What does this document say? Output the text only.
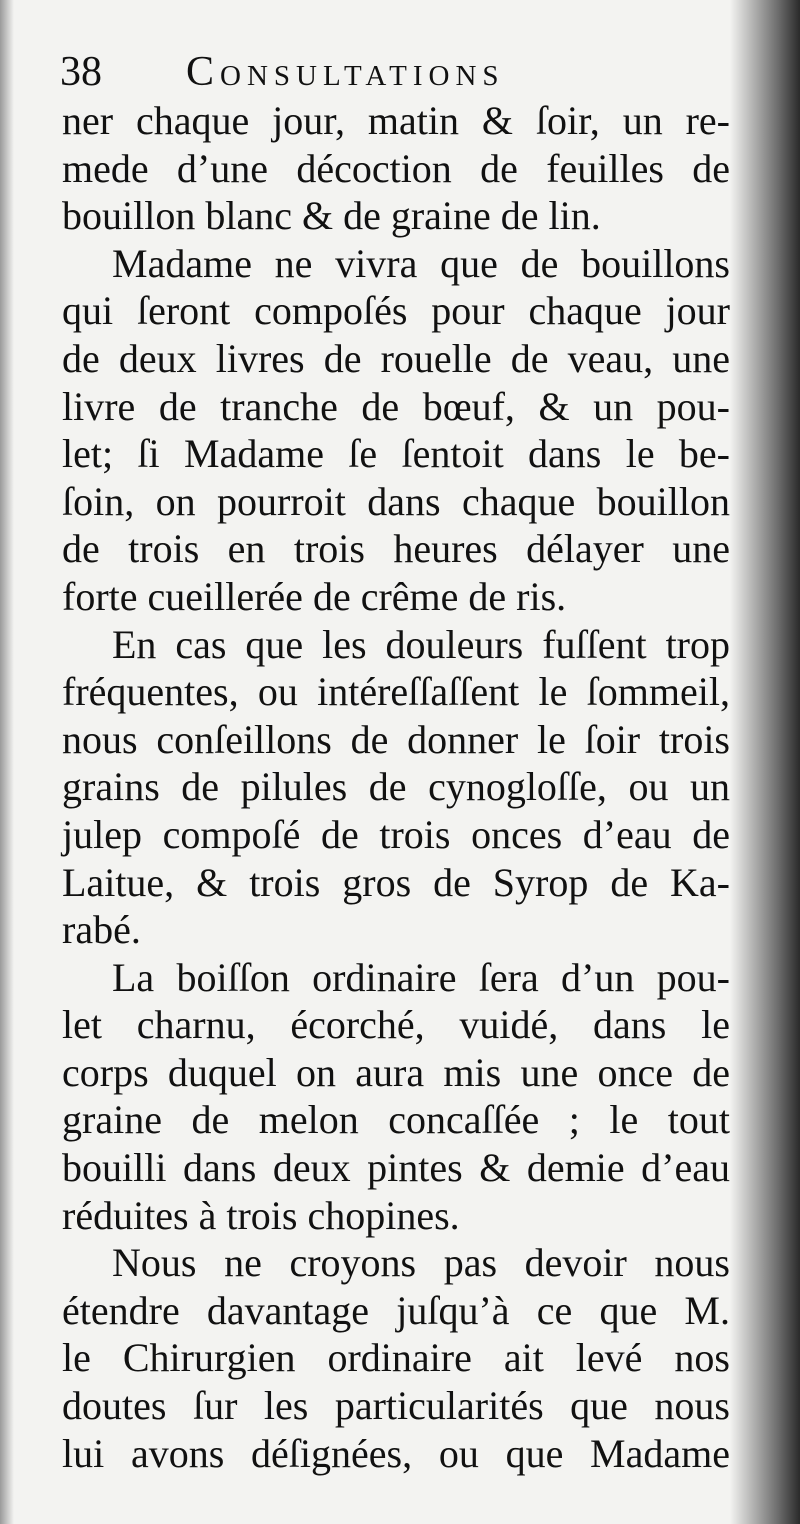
38 Consultations
ner chaque jour, matin & ſoir, un re-
mede d’une décoction de feuilles de
bouillon blanc & de graine de lin.
Madame ne vivra que de bouillons
qui ſeront compoſés pour chaque jour
de deux livres de rouelle de veau, une
livre de tranche de bœuf, & un pou-
let; ſi Madame ſe ſentoit dans le be-
ſoin, on pourroit dans chaque bouillon
de trois en trois heures délayer une
forte cueillerée de crême de ris.
En cas que les douleurs fuſſent trop
fréquentes, ou intéreſſaſſent le ſommeil,
nous conſeillons de donner le ſoir trois
grains de pilules de cynogloſſe, ou un
julep compoſé de trois onces d’eau de
Laitue, & trois gros de Syrop de Ka-
rabé.
La boiſſon ordinaire ſera d’un pou-
let charnu, écorché, vuidé, dans le
corps duquel on aura mis une once de
graine de melon concaſſée ; le tout
bouilli dans deux pintes & demie d’eau
réduites à trois chopines.
Nous ne croyons pas devoir nous
étendre davantage juſqu’à ce que M.
le Chirurgien ordinaire ait levé nos
doutes ſur les particularités que nous
lui avons déſignées, ou que Madame
